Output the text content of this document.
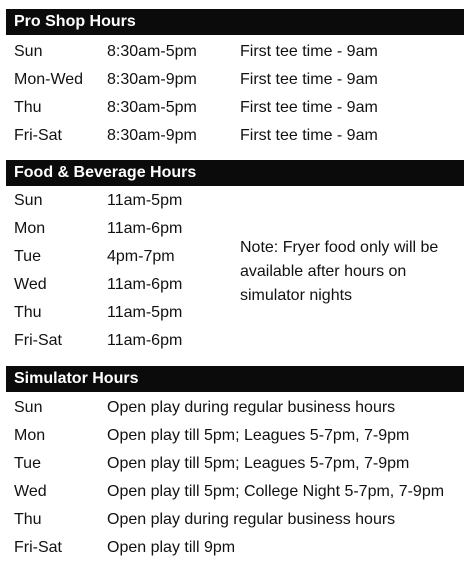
Pro Shop Hours
Sun	8:30am-5pm	First tee time - 9am
Mon-Wed 8:30am-9pm	First tee time - 9am
Thu	8:30am-5pm	First tee time - 9am
Fri-Sat	8:30am-9pm	First tee time - 9am
Food & Beverage Hours
Sun	11am-5pm
Mon	11am-6pm
Tue	4pm-7pm
Wed	11am-6pm
Thu	11am-5pm
Fri-Sat	11am-6pm
Note: Fryer food only will be
available after hours on
simulator nights
Simulator Hours
Sun	Open play during regular business hours
Mon	Open play till 5pm; Leagues 5-7pm, 7-9pm
Tue	Open play till 5pm; Leagues 5-7pm, 7-9pm
Wed	Open play till 5pm; College Night 5-7pm, 7-9pm
Thu	Open play during regular business hours
Fri-Sat	Open play till 9pm
